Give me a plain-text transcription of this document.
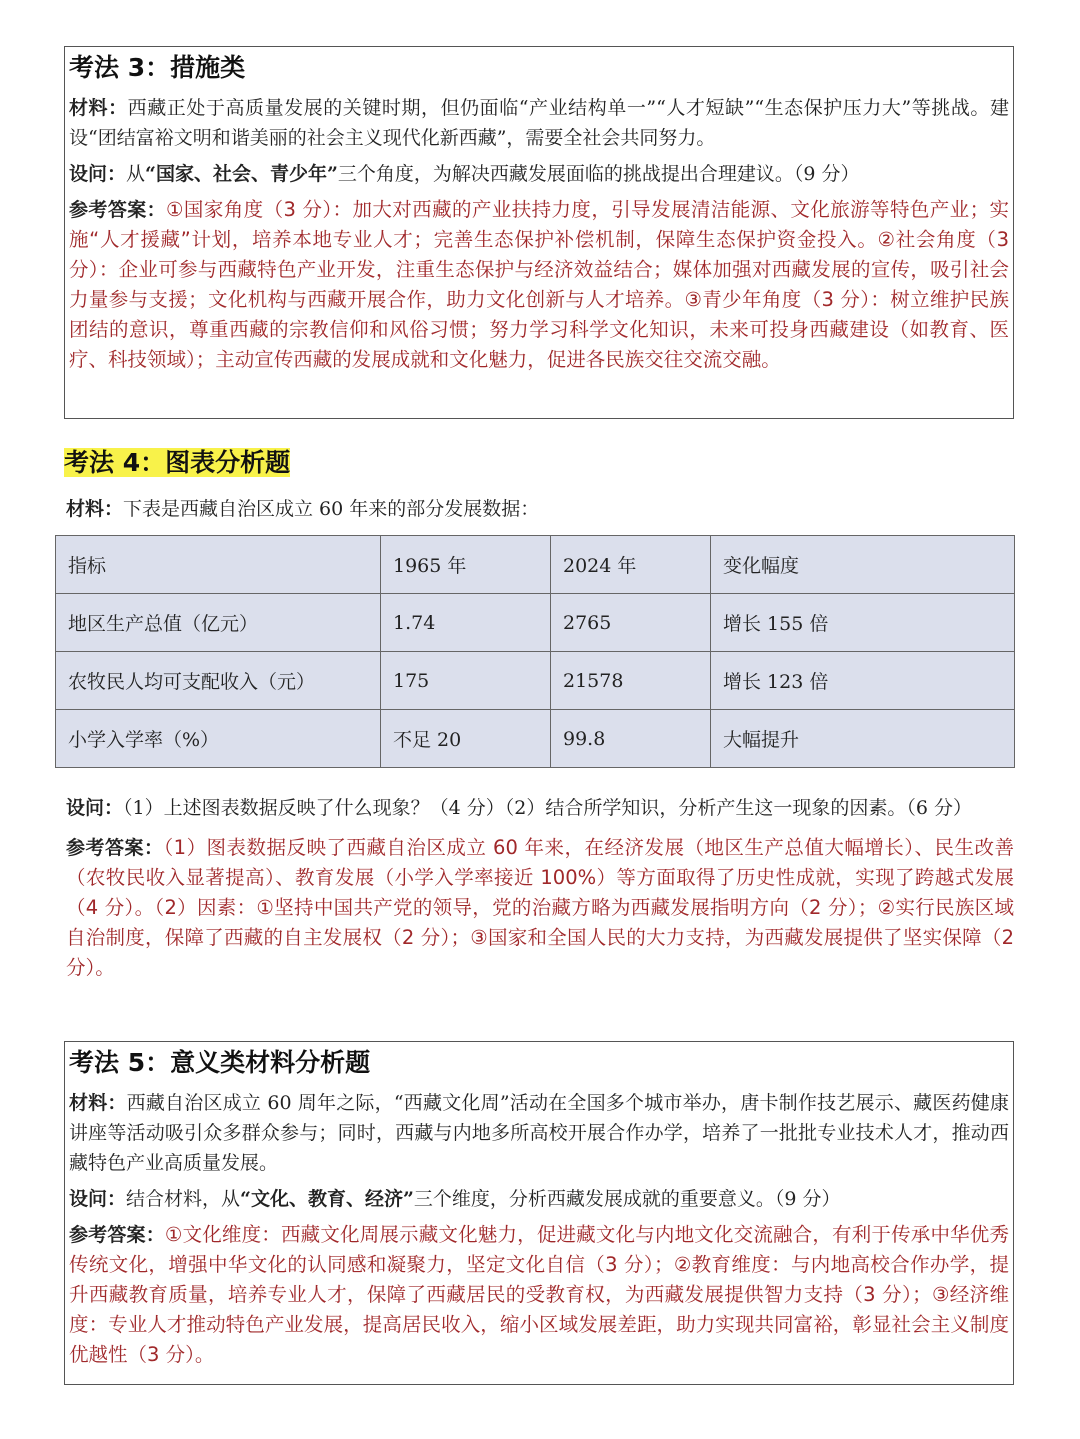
考法 3：措施类
材料：西藏正处于高质量发展的关键时期，但仍面临“产业结构单一”“人才短缺”“生态保护压力大”等挑战。建设“团结富裕文明和谐美丽的社会主义现代化新西藏”，需要全社会共同努力。
设问：从“国家、社会、青少年”三个角度，为解决西藏发展面临的挑战提出合理建议。（9 分）
参考答案：①国家角度（3 分）：加大对西藏的产业扶持力度，引导发展清洁能源、文化旅游等特色产业；实施“人才援藏”计划，培养本地专业人才；完善生态保护补偿机制，保障生态保护资金投入。②社会角度（3 分）：企业可参与西藏特色产业开发，注重生态保护与经济效益结合；媒体加强对西藏发展的宣传，吸引社会力量参与支援；文化机构与西藏开展合作，助力文化创新与人才培养。③青少年角度（3 分）：树立维护民族团结的意识，尊重西藏的宗教信仰和风俗习惯；努力学习科学文化知识，未来可投身西藏建设（如教育、医疗、科技领域）；主动宣传西藏的发展成就和文化魅力，促进各民族交往交流交融。
考法 4：图表分析题
材料：下表是西藏自治区成立 60 年来的部分发展数据：
指标	1965 年	2024 年	变化幅度
地区生产总值（亿元）	1.74	2765	增长 155 倍
农牧民人均可支配收入（元）	175	21578	增长 123 倍
小学入学率（%）	不足 20	99.8	大幅提升
设问：（1）上述图表数据反映了什么现象？（4 分）（2）结合所学知识，分析产生这一现象的因素。（6 分）
参考答案：（1）图表数据反映了西藏自治区成立 60 年来，在经济发展（地区生产总值大幅增长）、民生改善（农牧民收入显著提高）、教育发展（小学入学率接近 100%）等方面取得了历史性成就，实现了跨越式发展（4 分）。（2）因素：①坚持中国共产党的领导，党的治藏方略为西藏发展指明方向（2 分）；②实行民族区域自治制度，保障了西藏的自主发展权（2 分）；③国家和全国人民的大力支持，为西藏发展提供了坚实保障（2 分）。
考法 5：意义类材料分析题
材料：西藏自治区成立 60 周年之际，“西藏文化周”活动在全国多个城市举办，唐卡制作技艺展示、藏医药健康讲座等活动吸引众多群众参与；同时，西藏与内地多所高校开展合作办学，培养了一批批专业技术人才，推动西藏特色产业高质量发展。
设问：结合材料，从“文化、教育、经济”三个维度，分析西藏发展成就的重要意义。（9 分）
参考答案：①文化维度：西藏文化周展示藏文化魅力，促进藏文化与内地文化交流融合，有利于传承中华优秀传统文化，增强中华文化的认同感和凝聚力，坚定文化自信（3 分）；②教育维度：与内地高校合作办学，提升西藏教育质量，培养专业人才，保障了西藏居民的受教育权，为西藏发展提供智力支持（3 分）；③经济维度：专业人才推动特色产业发展，提高居民收入，缩小区域发展差距，助力实现共同富裕，彰显社会主义制度优越性（3 分）。
